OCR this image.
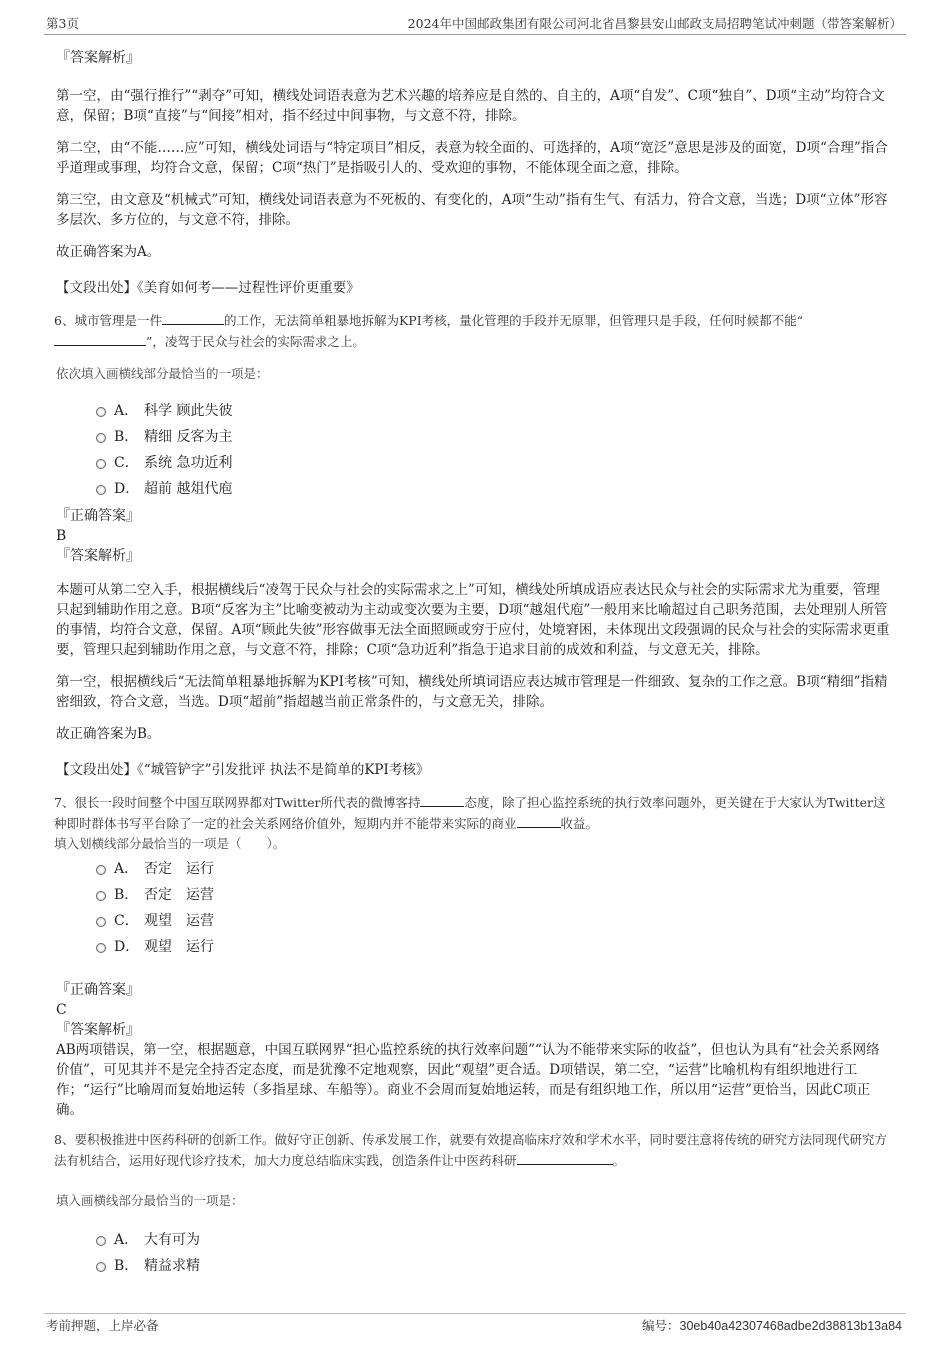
第3页	2024年中国邮政集团有限公司河北省昌黎县安山邮政支局招聘笔试冲刺题（带答案解析）

『答案解析』

第一空，由“强行推行”“剥夺”可知，横线处词语表意为艺术兴趣的培养应是自然的、自主的，A项“自发”、C项“独自”、D项“主动”均符合文意，保留；B项“直接”与“间接”相对，指不经过中间事物，与文意不符，排除。

第二空，由“不能……应”可知，横线处词语与“特定项目”相反，表意为较全面的、可选择的，A项“宽泛”意思是涉及的面宽，D项“合理”指合乎道理或事理，均符合文意，保留；C项“热门”是指吸引人的、受欢迎的事物，不能体现全面之意，排除。

第三空，由文意及“机械式”可知，横线处词语表意为不死板的、有变化的，A项“生动”指有生气、有活力，符合文意，当选；D项“立体”形容多层次、多方位的，与文意不符，排除。

故正确答案为A。

【文段出处】《美育如何考——过程性评价更重要》

6、城市管理是一件	的工作，无法简单粗暴地拆解为KPI考核，量化管理的手段并无原罪，但管理只是手段，任何时候都不能“
”，凌驾于民众与社会的实际需求之上。

依次填入画横线部分最恰当的一项是：

A． 科学 顾此失彼
B． 精细 反客为主
C． 系统 急功近利
D． 超前 越俎代庖

『正确答案』

B

『答案解析』

本题可从第二空入手，根据横线后“凌驾于民众与社会的实际需求之上”可知，横线处所填成语应表达民众与社会的实际需求尤为重要，管理只起到辅助作用之意。B项“反客为主”比喻变被动为主动或变次要为主要，D项“越俎代庖”一般用来比喻超过自己职务范围，去处理别人所管的事情，均符合文意，保留。A项“顾此失彼”形容做事无法全面照顾或穷于应付，处境窘困，未体现出文段强调的民众与社会的实际需求更重要，管理只起到辅助作用之意，与文意不符，排除；C项“急功近利”指急于追求目前的成效和利益，与文意无关，排除。

第一空，根据横线后“无法简单粗暴地拆解为KPI考核”可知，横线处所填词语应表达城市管理是一件细致、复杂的工作之意。B项“精细”指精密细致，符合文意，当选。D项“超前”指超越当前正常条件的，与文意无关，排除。

故正确答案为B。

【文段出处】《“城管铲字”引发批评 执法不是简单的KPI考核》

7、很长一段时间整个中国互联网界都对Twitter所代表的微博客持	态度，除了担心监控系统的执行效率问题外，更关键在于大家认为Twitter这种即时群体书写平台除了一定的社会关系网络价值外，短期内并不能带来实际的商业	收益。

填入划横线部分最恰当的一项是（　　）。

A． 否定　运行
B． 否定　运营
C． 观望　运营
D． 观望　运行

『正确答案』

C

『答案解析』

AB两项错误，第一空，根据题意，中国互联网界“担心监控系统的执行效率问题”“认为不能带来实际的收益”，但也认为具有“社会关系网络价值”，可见其并不是完全持否定态度，而是犹豫不定地观察，因此“观望”更合适。D项错误，第二空，“运营”比喻机构有组织地进行工作；“运行”比喻周而复始地运转（多指星球、车船等）。商业不会周而复始地运转，而是有组织地工作，所以用“运营”更恰当，因此C项正确。

8、要积极推进中医药科研的创新工作。做好守正创新、传承发展工作，就要有效提高临床疗效和学术水平，同时要注意将传统的研究方法同现代研究方法有机结合，运用好现代诊疗技术，加大力度总结临床实践，创造条件让中医药科研	。

填入画横线部分最恰当的一项是：

A． 大有可为
B． 精益求精
考前押题，上岸必备	编号：30eb40a42307468adbe2d38813b13a84
